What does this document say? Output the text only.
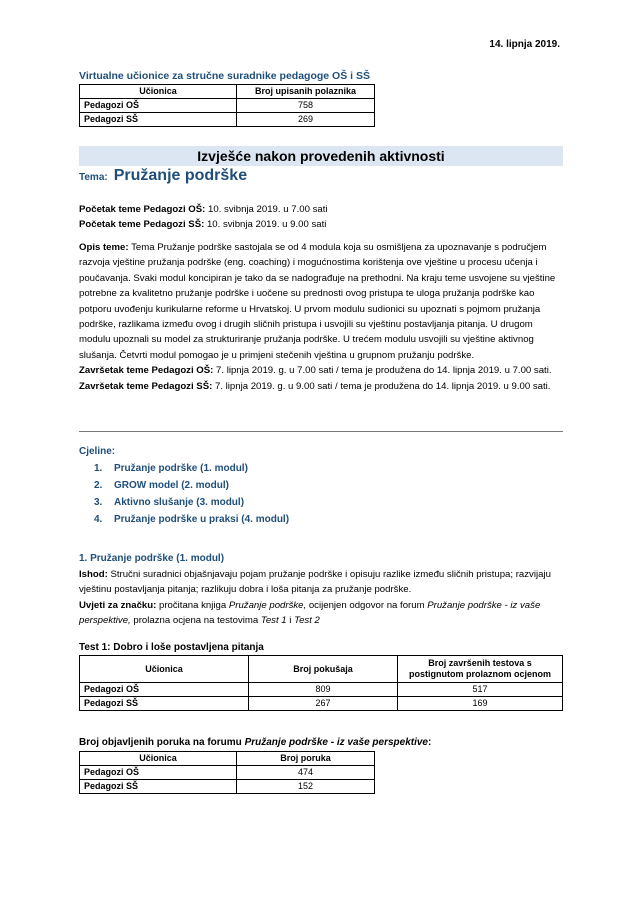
14. lipnja 2019.
Virtualne učionice za stručne suradnike pedagoge OŠ i SŠ
Učionica	Broj upisanih polaznika
Pedagozi OŠ	758
Pedagozi SŠ	269
Izvješće nakon provedenih aktivnosti
Tema: Pružanje podrške
Početak teme Pedagozi OŠ: 10. svibnja 2019. u 7.00 sati
Početak teme Pedagozi SŠ: 10. svibnja 2019. u 9.00 sati
Opis teme: Tema Pružanje podrške sastojala se od 4 modula koja su osmišljena za upoznavanje s područjem razvoja vještine pružanja podrške (eng. coaching) i mogućnostima korištenja ove vještine u procesu učenja i poučavanja. Svaki modul koncipiran je tako da se nadograđuje na prethodni. Na kraju teme usvojene su vještine potrebne za kvalitetno pružanje podrške i uočene su prednosti ovog pristupa te uloga pružanja podrške kao potporu uvođenju kurikularne reforme u Hrvatskoj. U prvom modulu sudionici su upoznati s pojmom pružanja podrške, razlikama između ovog i drugih sličnih pristupa i usvojili su vještinu postavljanja pitanja. U drugom modulu upoznali su model za strukturiranje pružanja podrške. U trećem modulu usvojili su vještine aktivnog slušanja. Četvrti modul pomogao je u primjeni stečenih vještina u grupnom pružanju podrške.
Završetak teme Pedagozi OŠ: 7. lipnja 2019. g. u 7.00 sati / tema je produžena do 14. lipnja 2019. u 7.00 sati.
Završetak teme Pedagozi SŠ: 7. lipnja 2019. g. u 9.00 sati / tema je produžena do 14. lipnja 2019. u 9.00 sati.
Cjeline:
1. Pružanje podrške (1. modul)
2. GROW model (2. modul)
3. Aktivno slušanje (3. modul)
4. Pružanje podrške u praksi (4. modul)
1. Pružanje podrške (1. modul)
Ishod: Stručni suradnici objašnjavaju pojam pružanje podrške i opisuju razlike između sličnih pristupa; razvijaju vještinu postavljanja pitanja; razlikuju dobra i loša pitanja za pružanje podrške.
Uvjeti za značku: pročitana knjiga Pružanje podrške, ocijenjen odgovor na forum Pružanje podrške - iz vaše perspektive, prolazna ocjena na testovima Test 1 i Test 2
Test 1: Dobro i loše postavljena pitanja
Učionica	Broj pokušaja	Broj završenih testova s postignutom prolaznom ocjenom
Pedagozi OŠ	809	517
Pedagozi SŠ	267	169
Broj objavljenih poruka na forumu Pružanje podrške - iz vaše perspektive:
Učionica	Broj poruka
Pedagozi OŠ	474
Pedagozi SŠ	152
